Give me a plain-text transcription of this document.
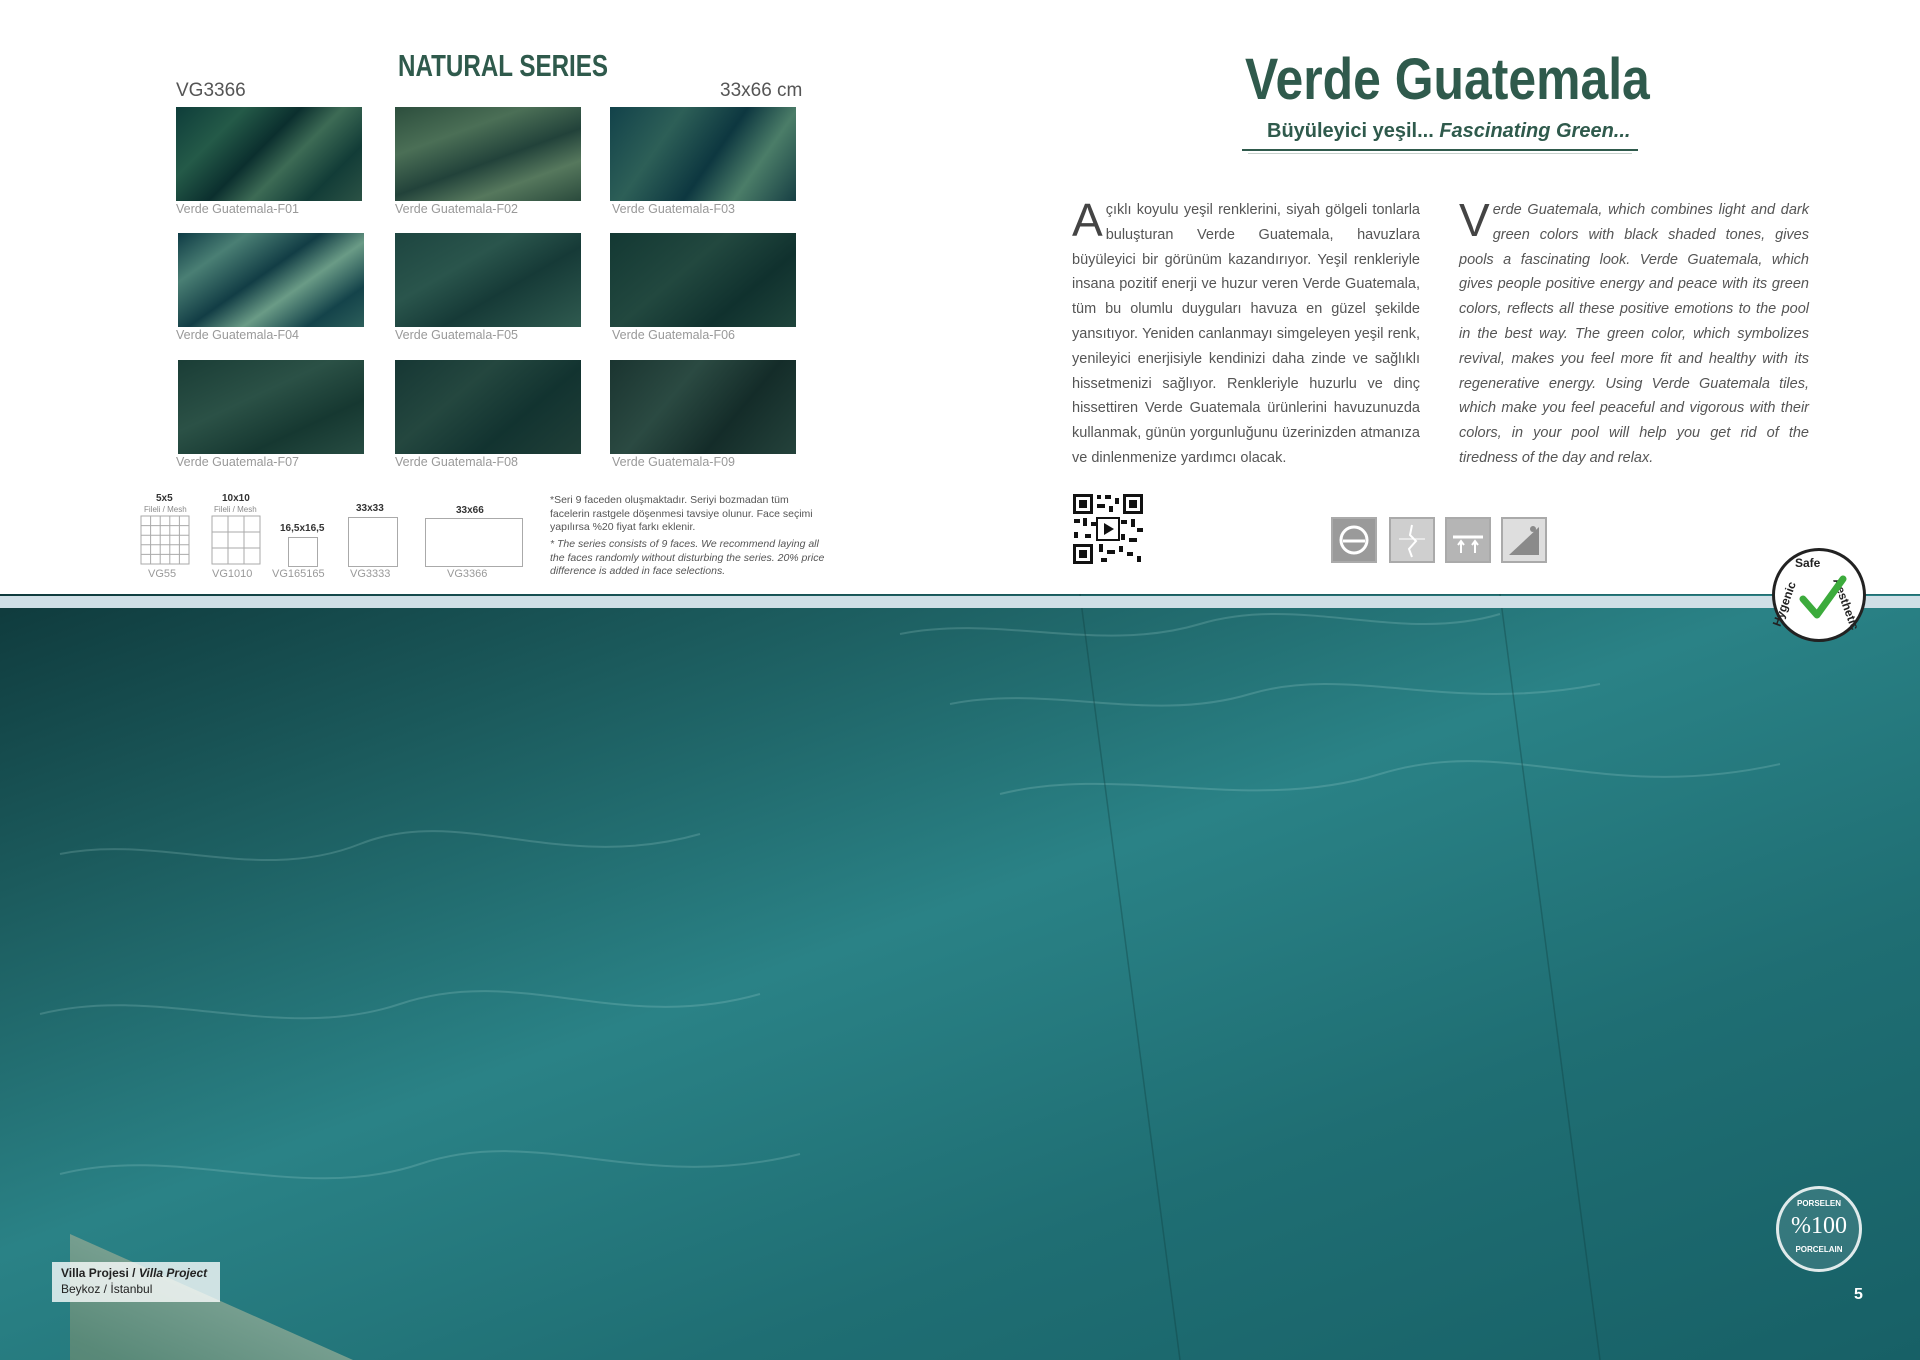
NATURAL SERIES
VG3366	33x66 cm
Verde Guatemala-F01	Verde Guatemala-F02	Verde Guatemala-F03
Verde Guatemala-F04	Verde Guatemala-F05	Verde Guatemala-F06
Verde Guatemala-F07	Verde Guatemala-F08	Verde Guatemala-F09
5x5
Fileli / Mesh
VG55
10x10
Fileli / Mesh
VG1010
16,5x16,5
VG165165
33x33
VG3333
33x66
VG3366
*Seri 9 faceden oluşmaktadır. Seriyi bozmadan tüm facelerin rastgele döşenmesi tavsiye olunur. Face seçimi yapılırsa %20 fiyat farkı eklenir.
* The series consists of 9 faces. We recommend laying all the faces randomly without disturbing the series. 20% price difference is added in face selections.
Verde Guatemala
Büyüleyici yeşil... Fascinating Green...
Açıklı koyulu yeşil renklerini, siyah gölgeli tonlarla buluşturan Verde Guatemala, havuzlara büyüleyici bir görünüm kazandırıyor. Yeşil renkleriyle insana pozitif enerji ve huzur veren Verde Guatemala, tüm bu olumlu duyguları havuza en güzel şekilde yansıtıyor. Yeniden canlanmayı simgeleyen yeşil renk, yenileyici enerjisiyle kendinizi daha zinde ve sağlıklı hissetmenizi sağlıyor. Renkleriyle huzurlu ve dinç hissettiren Verde Guatemala ürünlerini havuzunuzda kullanmak, günün yorgunluğunu üzerinizden atmanıza ve dinlenmenize yardımcı olacak.
Verde Guatemala, which combines light and dark green colors with black shaded tones, gives pools a fascinating look. Verde Guatemala, which gives people positive energy and peace with its green colors, reflects all these positive emotions to the pool in the best way. The green color, which symbolizes revival, makes you feel more fit and healthy with its regenerative energy. Using Verde Guatemala tiles, which make you feel peaceful and vigorous with their colors, in your pool will help you get rid of the tiredness of the day and relax.
Villa Projesi / Villa Project
Beykoz / İstanbul	5
Safe
Hygenic	Aesthetic
PORSELEN
%100
PORCELAIN
